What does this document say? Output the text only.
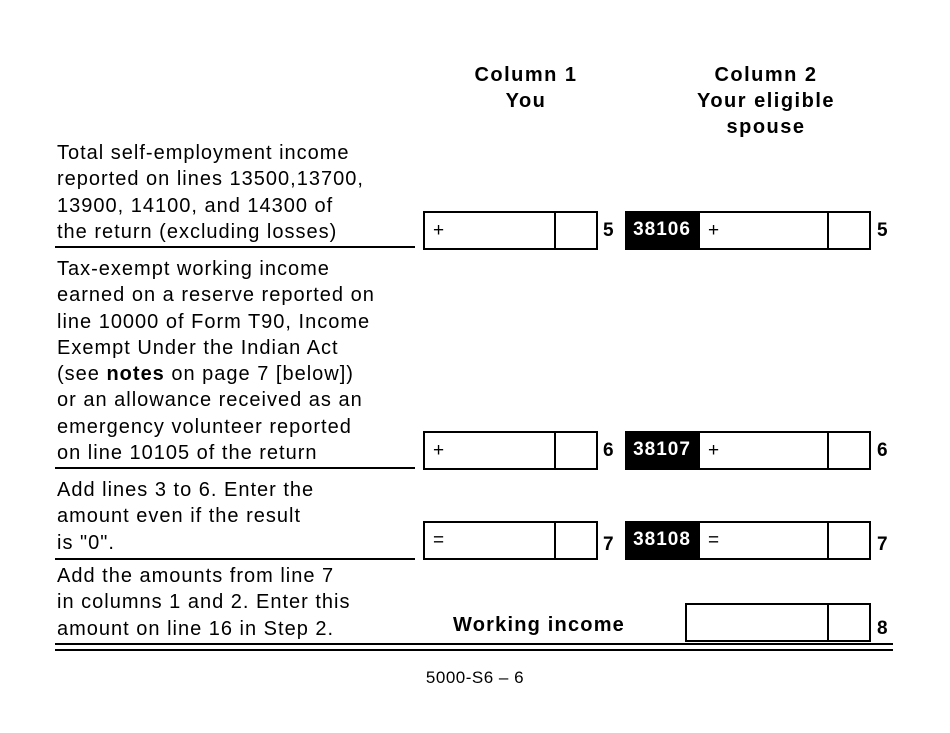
Column 1
You
Column 2
Your eligible
spouse
Total self-employment income
reported on lines 13500,13700,
13900, 14100, and 14300 of
the return (excluding losses)	+	5	38106 +	5
Tax-exempt working income
earned on a reserve reported on
line 10000 of Form T90, Income
Exempt Under the Indian Act
(see notes on page 7 [below])
or an allowance received as an
emergency volunteer reported
on line 10105 of the return	+	6	38107 +	6
Add lines 3 to 6. Enter the
amount even if the result
is "0".	=	7	38108 =	7
Add the amounts from line 7
in columns 1 and 2. Enter this
amount on line 16 in Step 2.	Working income	8
5000-S6 – 6
